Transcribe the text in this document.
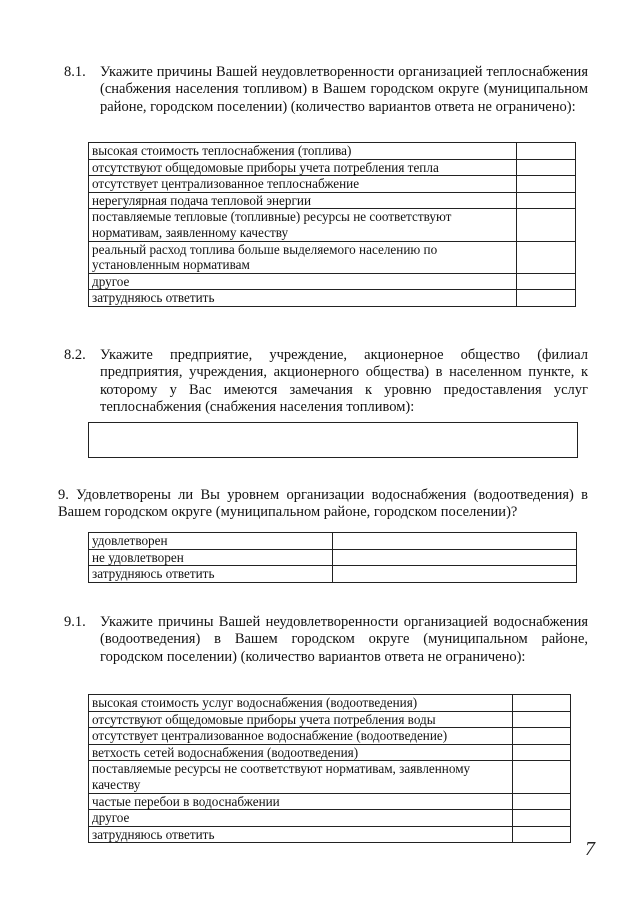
8.1. Укажите причины Вашей неудовлетворенности организацией теплоснабжения (снабжения населения топливом) в Вашем городском округе (муниципальном районе, городском поселении) (количество вариантов ответа не ограничено):
высокая стоимость теплоснабжения (топлива)	
отсутствуют общедомовые приборы учета потребления тепла	
отсутствует централизованное теплоснабжение	
нерегулярная подача тепловой энергии	
поставляемые тепловые (топливные) ресурсы не соответствуют нормативам, заявленному качеству	
реальный расход топлива больше выделяемого населению по установленным нормативам	
другое	
затрудняюсь ответить	
8.2. Укажите предприятие, учреждение, акционерное общество (филиал предприятия, учреждения, акционерного общества) в населенном пункте, к которому у Вас имеются замечания к уровню предоставления услуг теплоснабжения (снабжения населения топливом):
9. Удовлетворены ли Вы уровнем организации водоснабжения (водоотведения) в Вашем городском округе (муниципальном районе, городском поселении)?
удовлетворен	
не удовлетворен	
затрудняюсь ответить	
9.1. Укажите причины Вашей неудовлетворенности организацией водоснабжения (водоотведения) в Вашем городском округе (муниципальном районе, городском поселении) (количество вариантов ответа не ограничено):
высокая стоимость услуг водоснабжения (водоотведения)	
отсутствуют общедомовые приборы учета потребления воды	
отсутствует централизованное водоснабжение (водоотведение)	
ветхость сетей водоснабжения (водоотведения)	
поставляемые ресурсы не соответствуют нормативам, заявленному качеству	
частые перебои в водоснабжении	
другое	
затрудняюсь ответить	
7
